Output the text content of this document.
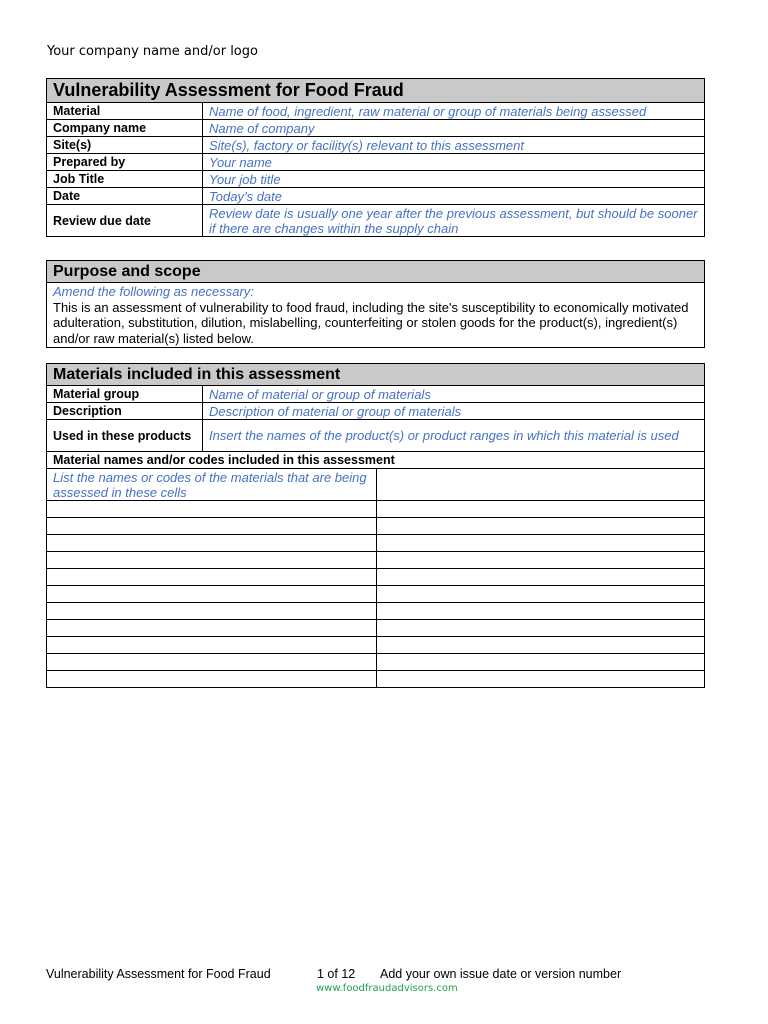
Your company name and/or logo
Vulnerability Assessment for Food Fraud	
Material	Name of food, ingredient, raw material or group of materials being assessed
Company name	Name of company
Site(s)	Site(s), factory or facility(s) relevant to this assessment
Prepared by	Your name
Job Title	Your job title
Date	Today’s date
Review due date	Review date is usually one year after the previous assessment, but should be sooner if there are changes within the supply chain
Purpose and scope

Amend the following as necessary:
This is an assessment of vulnerability to food fraud, including the site's susceptibility to economically motivated adulteration, substitution, dilution, mislabelling, counterfeiting or stolen goods for the product(s), ingredient(s) and/or raw material(s) listed below.
Materials included in this assessment		
Material group	Name of material or group of materials	
Description	Description of material or group of materials	
Used in these products	Insert the names of the product(s) or product ranges in which this material is used	
Material names and/or codes included in this assessment		
List the names or codes of the materials that are being assessed in these cells		

Vulnerability Assessment for Food Fraud	1 of 12 Add your own issue date or version number
www.foodfraudadvisors.com
